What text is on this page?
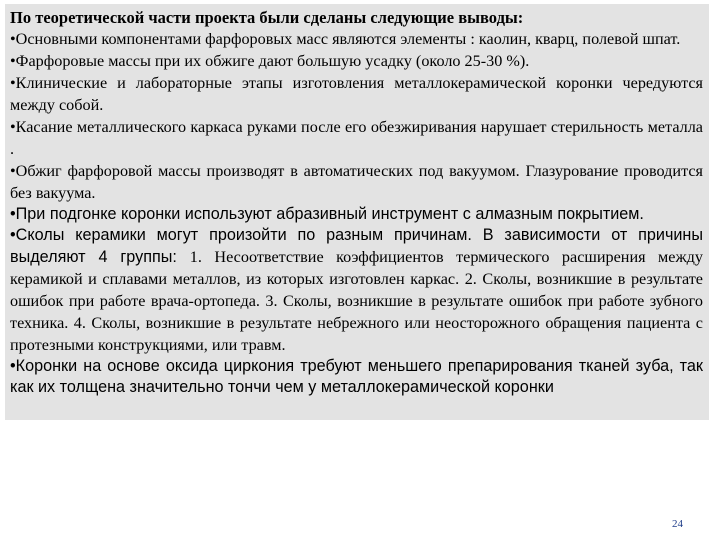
По теоретической части проекта были сделаны следующие выводы:

•Основными компонентами фарфоровых масс являются элементы : каолин, кварц, полевой шпат.

•Фарфоровые массы при их обжиге дают большую усадку (около 25-30 %).

•Клинические и лабораторные этапы изготовления металлокерамической коронки чередуются между собой.

•Касание металлического каркаса руками после его обезжиривания нарушает стерильность металла .

•Обжиг фарфоровой массы производят в автоматических под вакуумом. Глазурование проводится без вакуума.

•При подгонке коронки используют абразивный инструмент с алмазным покрытием.

•Сколы керамики могут произойти по разным причинам. В зависимости от причины выделяют 4 группы: 1. Несоответствие коэффициентов термического расширения между керамикой и сплавами металлов, из которых изготовлен каркас. 2. Сколы, возникшие в результате ошибок при работе врача-ортопеда. 3. Сколы, возникшие в результате ошибок при работе зубного техника. 4. Сколы, возникшие в результате небрежного или неосторожного обращения пациента с протезными конструкциями, или травм.

•Коронки на основе оксида циркония требуют меньшего препарирования тканей зуба, так как их толщена значительно тончи чем у металлокерамической коронки

24
